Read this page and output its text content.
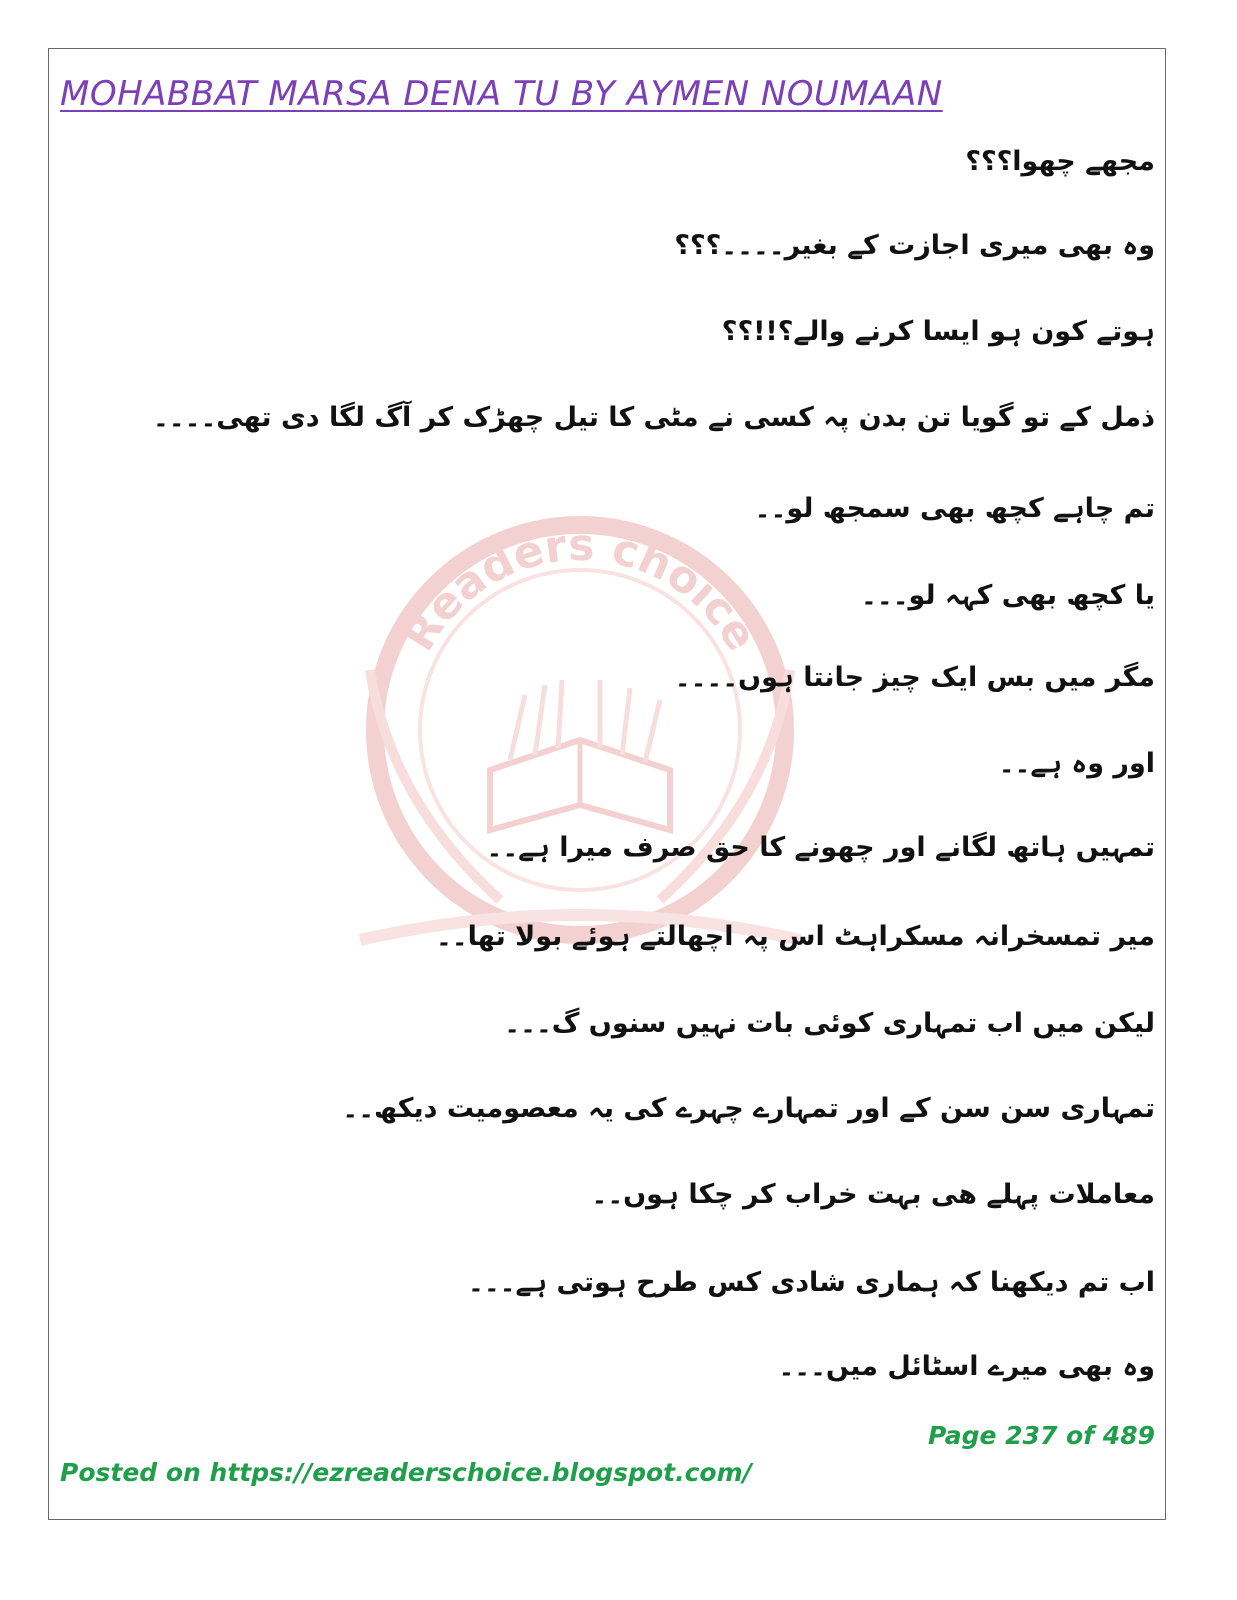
MOHABBAT MARSA DENA TU BY AYMEN NOUMAAN
Readers choice
مجھے چھوا؟؟؟
وہ بھی میری اجازت کے بغیر۔۔۔۔؟؟؟
ہوتے کون ہو ایسا کرنے والے؟!!؟؟
ذمل کے تو گویا تن بدن پہ کسی نے مٹی کا تیل چھڑک کر آگ لگا دی تھی۔۔۔۔
تم چاہے کچھ بھی سمجھ لو۔۔
یا کچھ بھی کہہ لو۔۔۔
مگر میں بس ایک چیز جانتا ہوں۔۔۔۔
اور وہ ہے۔۔
تمہیں ہاتھ لگانے اور چھونے کا حق صرف میرا ہے۔۔
میر تمسخرانہ مسکراہٹ اس پہ اچھالتے ہوئے بولا تھا۔۔
لیکن میں اب تمہاری کوئی بات نہیں سنوں گ۔۔۔
تمہاری سن سن کے اور تمہارے چہرے کی یہ معصومیت دیکھ۔۔
معاملات پہلے ھی بہت خراب کر چکا ہوں۔۔
اب تم دیکھنا کہ ہماری شادی کس طرح ہوتی ہے۔۔۔
وہ بھی میرے اسٹائل میں۔۔۔
Page 237 of 489
Posted on https://ezreaderschoice.blogspot.com/
